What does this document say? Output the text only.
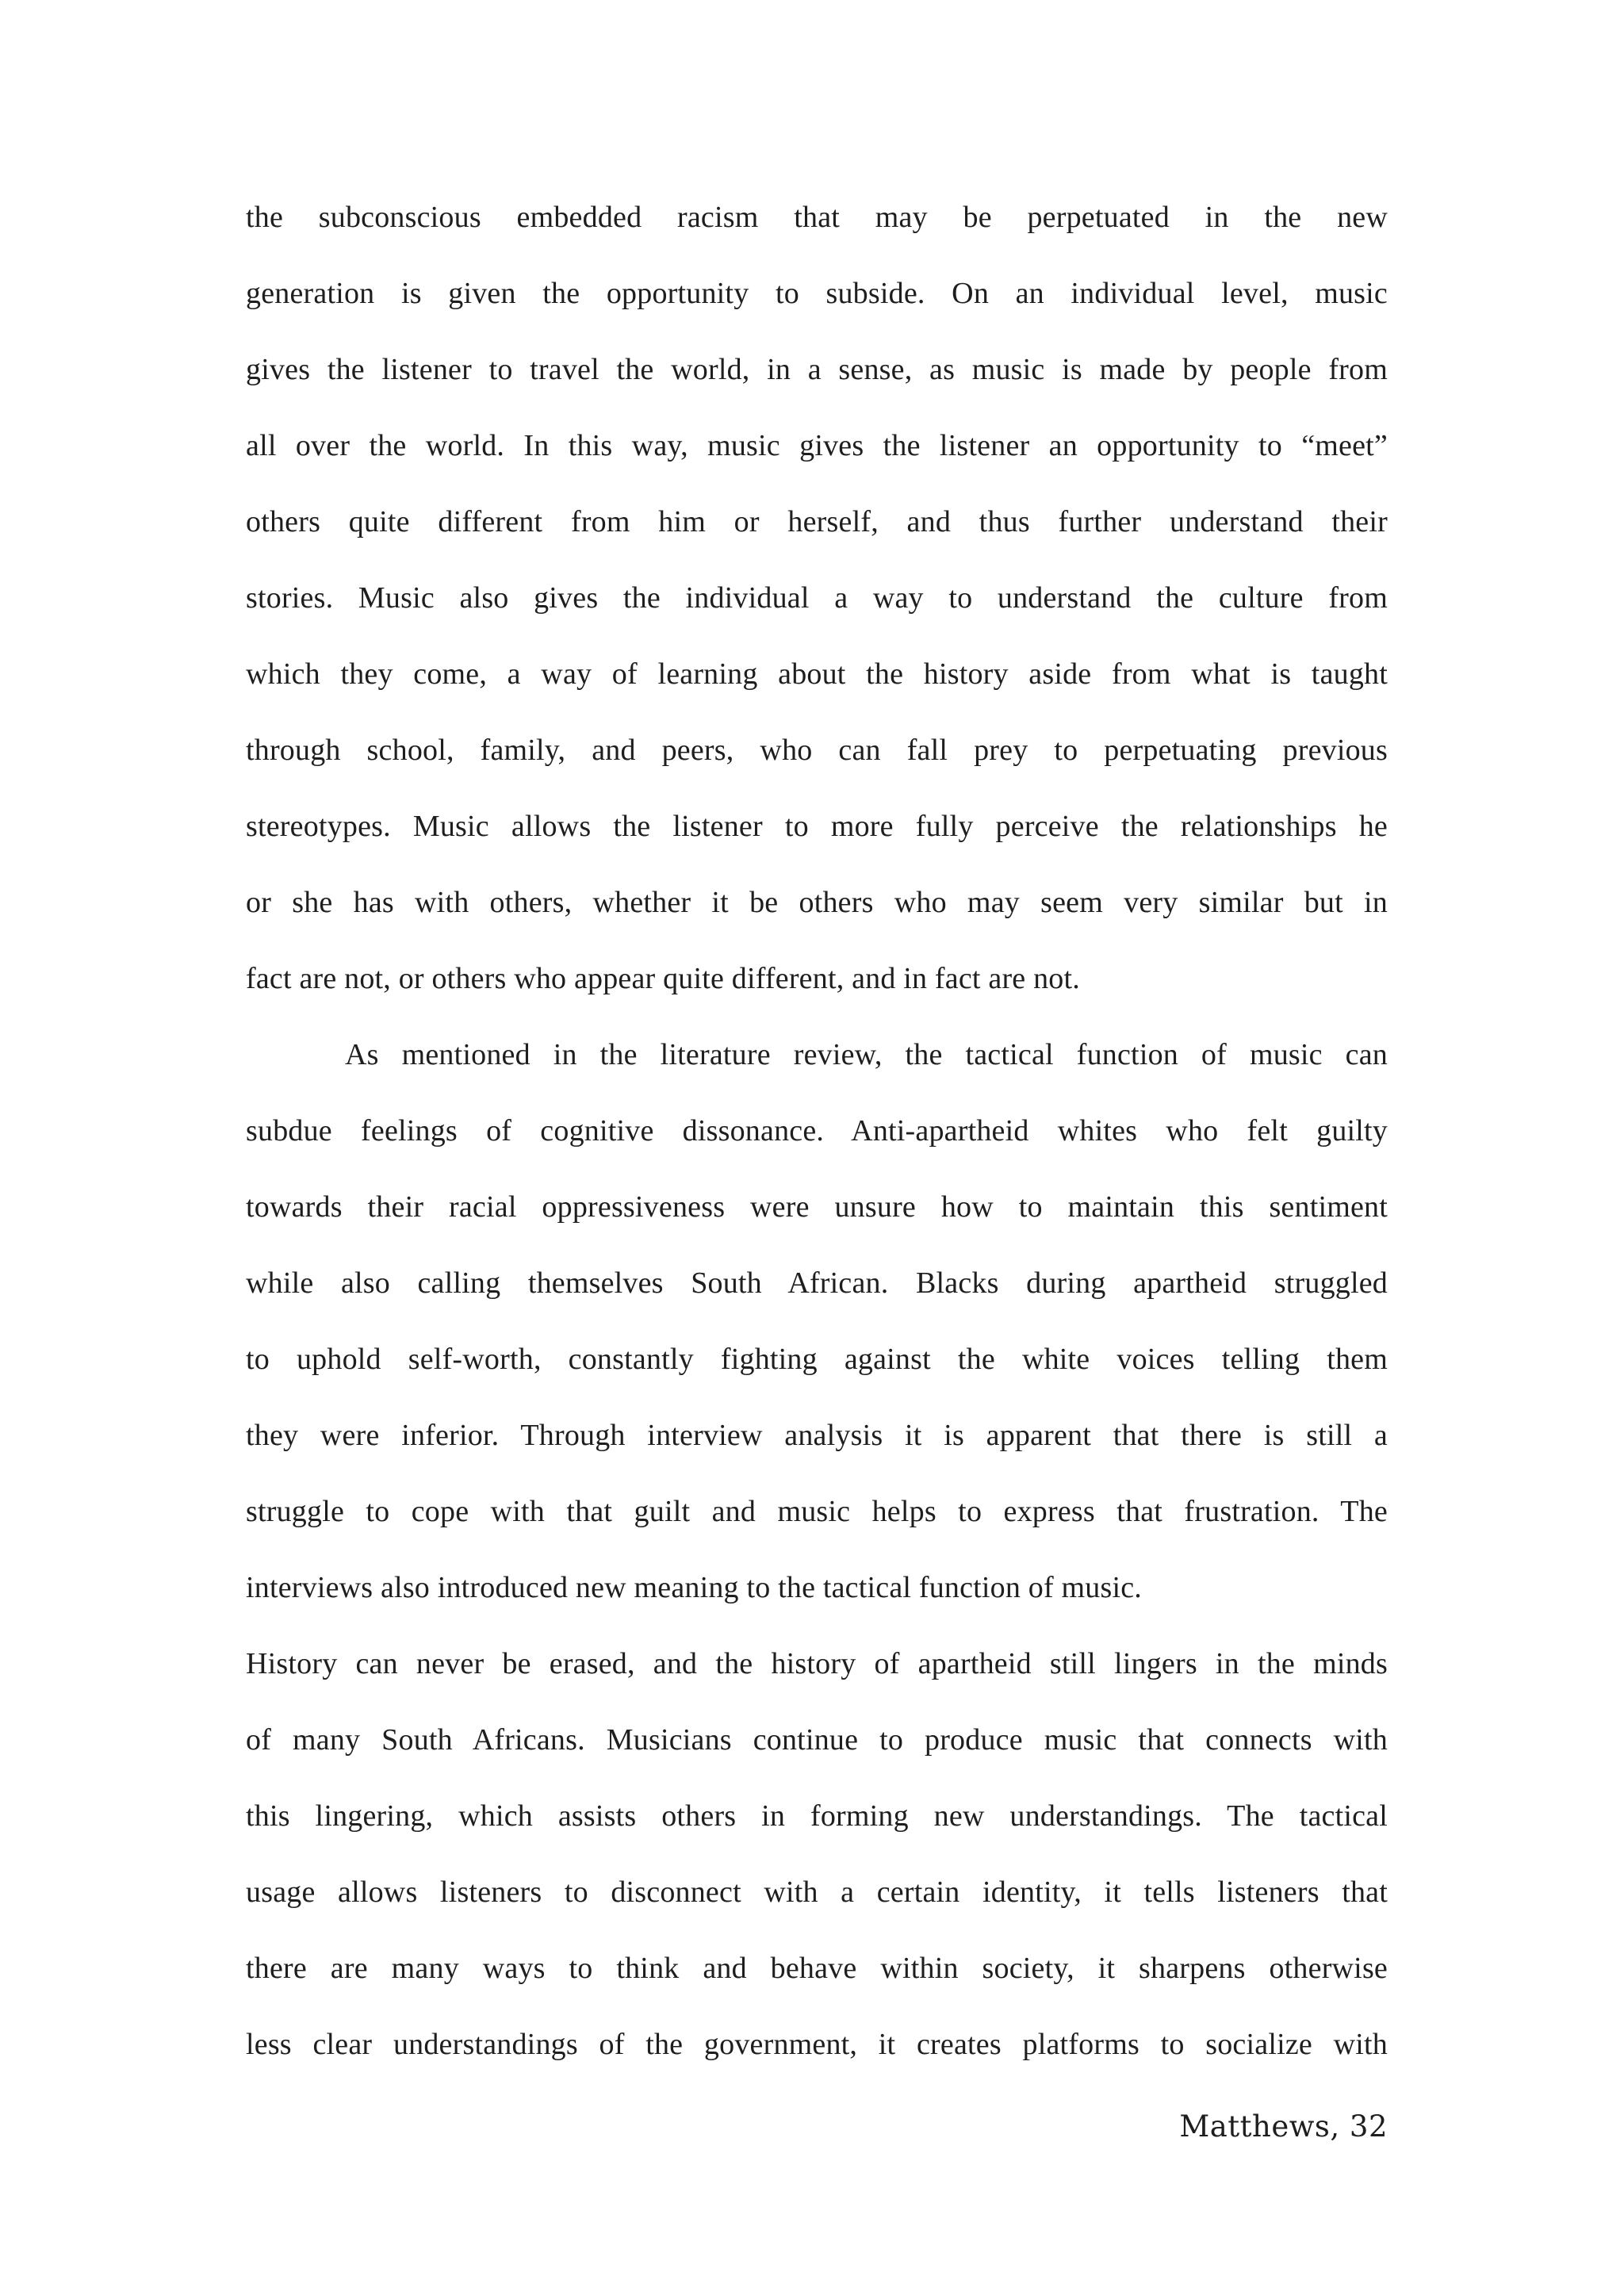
the subconscious embedded racism that may be perpetuated in the new
generation is given the opportunity to subside. On an individual level, music
gives the listener to travel the world, in a sense, as music is made by people from
all over the world. In this way, music gives the listener an opportunity to “meet”
others quite different from him or herself, and thus further understand their
stories. Music also gives the individual a way to understand the culture from
which they come, a way of learning about the history aside from what is taught
through school, family, and peers, who can fall prey to perpetuating previous
stereotypes. Music allows the listener to more fully perceive the relationships he
or she has with others, whether it be others who may seem very similar but in
fact are not, or others who appear quite different, and in fact are not.
As mentioned in the literature review, the tactical function of music can
subdue feelings of cognitive dissonance. Anti-apartheid whites who felt guilty
towards their racial oppressiveness were unsure how to maintain this sentiment
while also calling themselves South African. Blacks during apartheid struggled
to uphold self-worth, constantly fighting against the white voices telling them
they were inferior. Through interview analysis it is apparent that there is still a
struggle to cope with that guilt and music helps to express that frustration. The
interviews also introduced new meaning to the tactical function of music.
History can never be erased, and the history of apartheid still lingers in the minds
of many South Africans. Musicians continue to produce music that connects with
this lingering, which assists others in forming new understandings. The tactical
usage allows listeners to disconnect with a certain identity, it tells listeners that
there are many ways to think and behave within society, it sharpens otherwise
less clear understandings of the government, it creates platforms to socialize with
Matthews, 32
